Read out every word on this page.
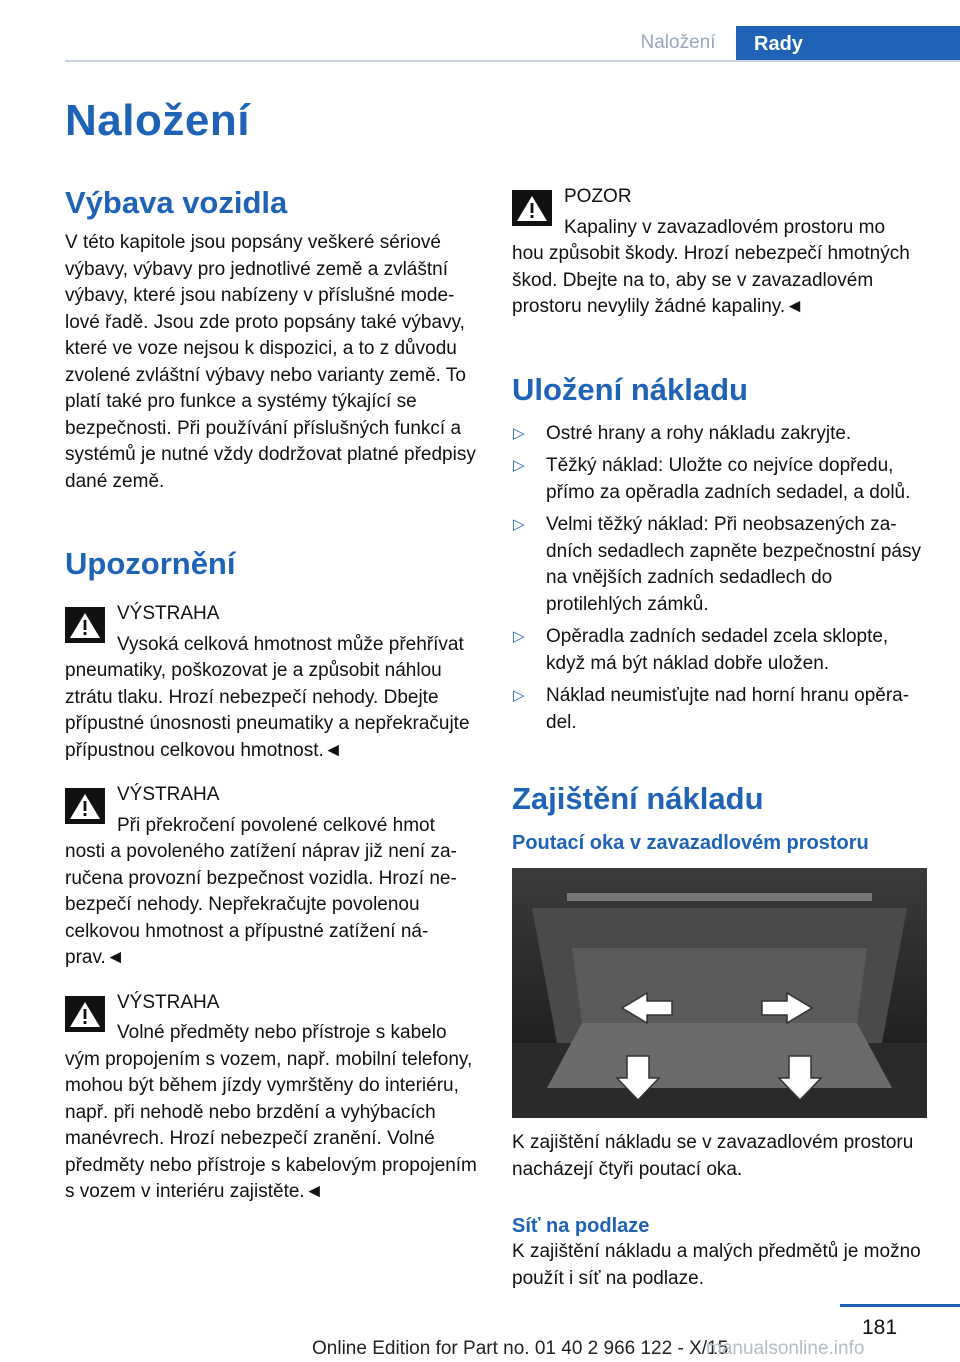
Naložení	Rady
Naložení
Výbava vozidla

V této kapitole jsou popsány veškeré sériové výbavy, výbavy pro jednotlivé země a zvláštní výbavy, které jsou nabízeny v příslušné modelové řadě. Jsou zde proto popsány také výbavy, které ve voze nejsou k dispozici, a to z důvodu zvolené zvláštní výbavy nebo varianty země. To platí také pro funkce a systémy týkající se bezpečnosti. Při používání příslušných funkcí a systémů je nutné vždy dodržovat platné předpisy dané země.

Upozornění

VÝSTRAHA

Vysoká celková hmotnost může přehřívat

pneumatiky, poškozovat je a způsobit náhlou ztrátu tlaku. Hrozí nebezpečí nehody. Dbejte přípustné únosnosti pneumatiky a nepřekračujte přípustnou celkovou hmotnost.◄

VÝSTRAHA

Při překročení povolené celkové hmot

nosti a povoleného zatížení náprav již není zaručena provozní bezpečnost vozidla. Hrozí nebezpečí nehody. Nepřekračujte povolenou celkovou hmotnost a přípustné zatížení náprav.◄

VÝSTRAHA

Volné předměty nebo přístroje s kabelo

vým propojením s vozem, např. mobilní telefony, mohou být během jízdy vymrštěny do interiéru, např. při nehodě nebo brzdění a vyhýbacích manévrech. Hrozí nebezpečí zranění. Volné předměty nebo přístroje s kabelovým propojením s vozem v interiéru zajistěte.◄

POZOR

Kapaliny v zavazadlovém prostoru mo

hou způsobit škody. Hrozí nebezpečí hmotných škod. Dbejte na to, aby se v zavazadlovém prostoru nevylily žádné kapaliny.◄

Uložení nákladu
▷ Ostré hrany a rohy nákladu zakryjte.
▷ Těžký náklad: Uložte co nejvíce dopředu, přímo za opěradla zadních sedadel, a dolů.
▷ Velmi těžký náklad: Při neobsazených zadních sedadlech zapněte bezpečnostní pásy na vnějších zadních sedadlech do protilehlých zámků.
▷ Opěradla zadních sedadel zcela sklopte, když má být náklad dobře uložen.
▷ Náklad neumisťujte nad horní hranu opěradel.
Zajištění nákladu
Poutací oka v zavazadlovém prostoru

K zajištění nákladu se v zavazadlovém prostoru nacházejí čtyři poutací oka.

Síť na podlaze

K zajištění nákladu a malých předmětů je možno použít i síť na podlaze.

181
Online Edition for Part no. 01 40 2 966 122 - X/15
manualsonline.info
